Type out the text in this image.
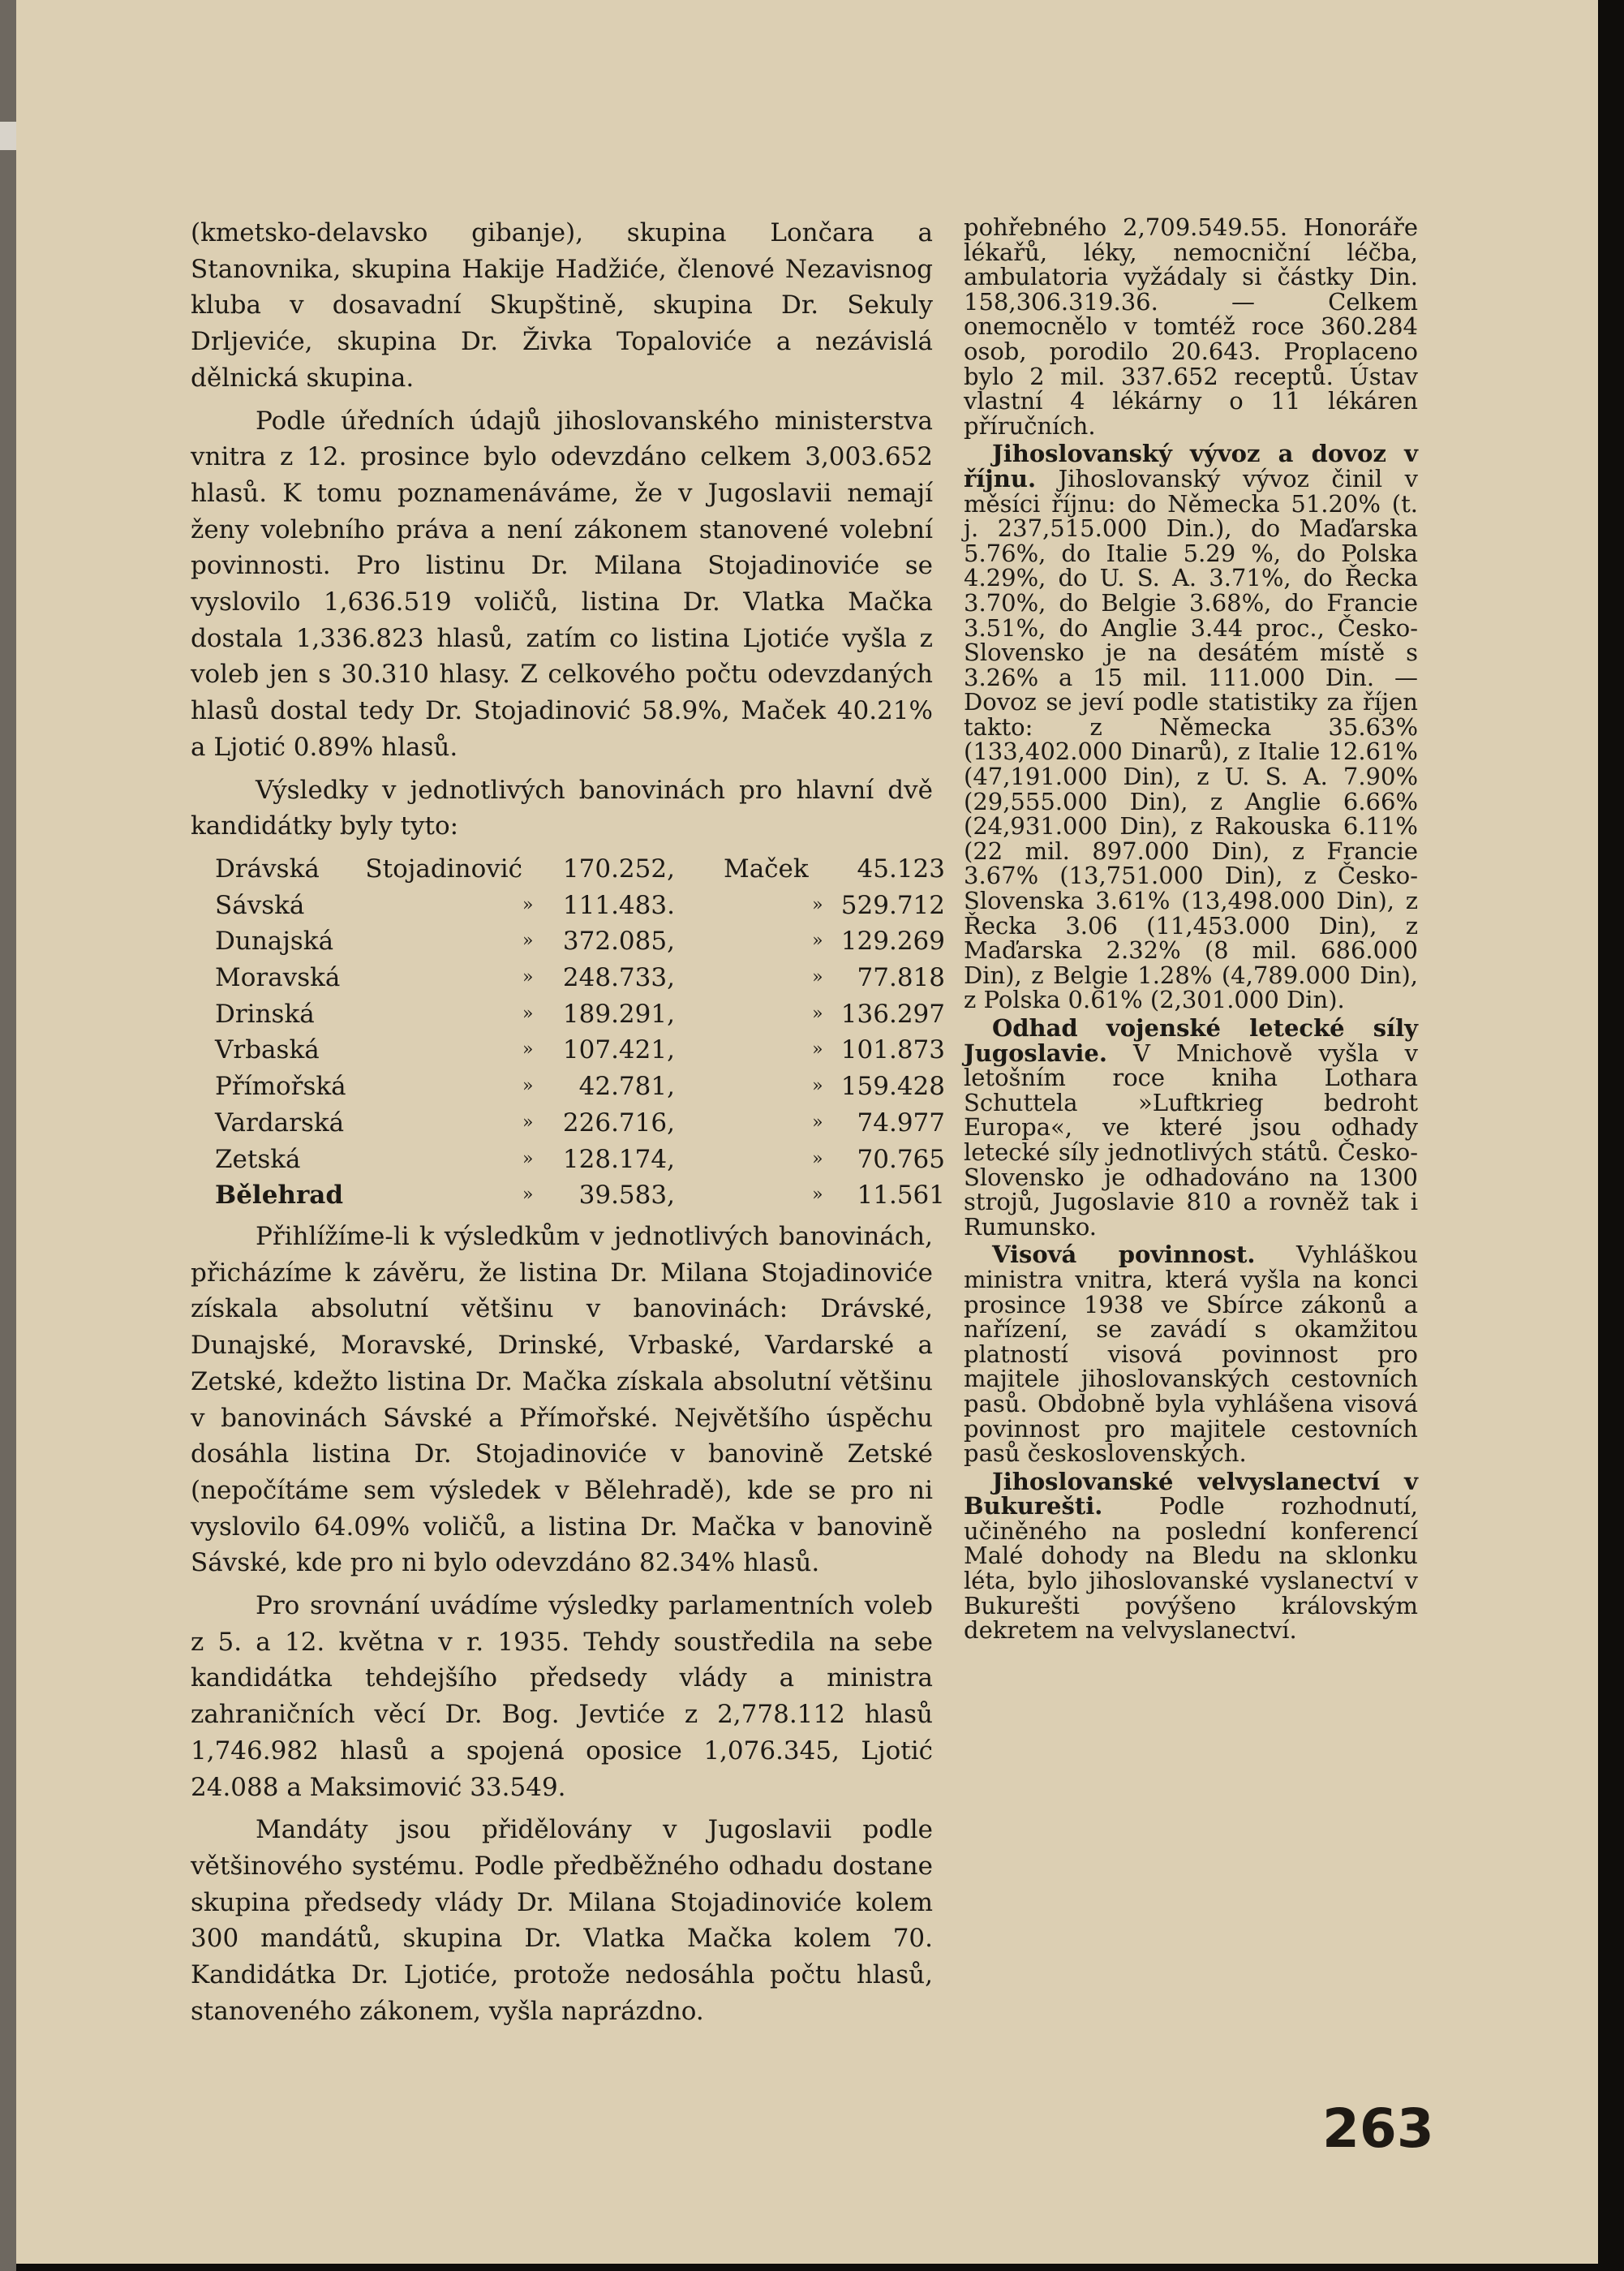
(kmetsko-delavsko gibanje), skupina Lončara a Stanovnika, skupina Hakije Hadžiće, členové Nezavisnog kluba v dosavadní Skupštině, skupina Dr. Sekuly Drljeviće, skupina Dr. Živka Topaloviće a nezávislá dělnická skupina.

Podle úředních údajů jihoslovanského ministerstva vnitra z 12. prosince bylo odevzdáno celkem 3,003.652 hlasů. K tomu poznamenáváme, že v Jugoslavii nemají ženy volebního práva a není zákonem stanovené volební povinnosti. Pro listinu Dr. Milana Stojadinoviće se vyslovilo 1,636.519 voličů, listina Dr. Vlatka Mačka dostala 1,336.823 hlasů, zatím co listina Ljotiće vyšla z voleb jen s 30.310 hlasy. Z celkového počtu odevzdaných hlasů dostal tedy Dr. Stojadinović 58.9%, Maček 40.21% a Ljotić 0.89% hlasů.

Výsledky v jednotlivých banovinách pro hlavní dvě kandidátky byly tyto:

Drávská	Stojadinović		170.252,	Maček		45.123
Sávská		»	111.483.		»	529.712
Dunajská		»	372.085,		»	129.269
Moravská		»	248.733,		»	77.818
Drinská		»	189.291,		»	136.297
Vrbaská		»	107.421,		»	101.873
Přímořská		»	42.781,		»	159.428
Vardarská		»	226.716,		»	74.977
Zetská		»	128.174,		»	70.765
Bělehrad		»	39.583,		»	11.561

Přihlížíme-li k výsledkům v jednotlivých banovinách, přicházíme k závěru, že listina Dr. Milana Stojadinoviće získala absolutní většinu v banovinách: Drávské, Dunajské, Moravské, Drinské, Vrbaské, Vardarské a Zetské, kdežto listina Dr. Mačka získala absolutní většinu v banovinách Sávské a Přímořské. Největšího úspěchu dosáhla listina Dr. Stojadinoviće v banovině Zetské (nepočítáme sem výsledek v Bělehradě), kde se pro ni vyslovilo 64.09% voličů, a listina Dr. Mačka v banovině Sávské, kde pro ni bylo odevzdáno 82.34% hlasů.

Pro srovnání uvádíme výsledky parlamentních voleb z 5. a 12. května v r. 1935. Tehdy soustředila na sebe kandidátka tehdejšího předsedy vlády a ministra zahraničních věcí Dr. Bog. Jevtiće z 2,778.112 hlasů 1,746.982 hlasů a spojená oposice 1,076.345, Ljotić 24.088 a Maksimović 33.549.

Mandáty jsou přidělovány v Jugoslavii podle většinového systému. Podle předběžného odhadu dostane skupina předsedy vlády Dr. Milana Stojadinoviće kolem 300 mandátů, skupina Dr. Vlatka Mačka kolem 70. Kandidátka Dr. Ljotiće, protože nedosáhla počtu hlasů, stanoveného zákonem, vyšla naprázdno.

pohřebného 2,709.549.55. Honoráře lékařů, léky, nemocniční léčba, ambulatoria vyžádaly si částky Din. 158,306.319.36. — Celkem onemocnělo v tomtéž roce 360.284 osob, porodilo 20.643. Proplaceno bylo 2 mil. 337.652 receptů. Ústav vlastní 4 lékárny o 11 lékáren příručních.

Jihoslovanský vývoz a dovoz v říjnu. Jihoslovanský vývoz činil v měsíci říjnu: do Německa 51.20% (t. j. 237,515.000 Din.), do Maďarska 5.76%, do Italie 5.29 %, do Polska 4.29%, do U. S. A. 3.71%, do Řecka 3.70%, do Belgie 3.68%, do Francie 3.51%, do Anglie 3.44 proc., Česko-Slovensko je na desátém místě s 3.26% a 15 mil. 111.000 Din. — Dovoz se jeví podle statistiky za říjen takto: z Německa 35.63% (133,402.000 Dinarů), z Italie 12.61% (47,191.000 Din), z U. S. A. 7.90% (29,555.000 Din), z Anglie 6.66% (24,931.000 Din), z Rakouska 6.11% (22 mil. 897.000 Din), z Francie 3.67% (13,751.000 Din), z Česko-Slovenska 3.61% (13,498.000 Din), z Řecka 3.06 (11,453.000 Din), z Maďarska 2.32% (8 mil. 686.000 Din), z Belgie 1.28% (4,789.000 Din), z Polska 0.61% (2,301.000 Din).

Odhad vojenské letecké síly Jugoslavie. V Mnichově vyšla v letošním roce kniha Lothara Schuttela »Luftkrieg bedroht Europa«, ve které jsou odhady letecké síly jednotlivých států. Česko-Slovensko je odhadováno na 1300 strojů, Jugoslavie 810 a rovněž tak i Rumunsko.

Visová povinnost. Vyhláškou ministra vnitra, která vyšla na konci prosince 1938 ve Sbírce zákonů a nařízení, se zavádí s okamžitou platností visová povinnost pro majitele jihoslovanských cestovních pasů. Obdobně byla vyhlášena visová povinnost pro majitele cestovních pasů československých.

Jihoslovanské velvyslanectví v Bukurešti. Podle rozhodnutí, učiněného na poslední konferencí Malé dohody na Bledu na sklonku léta, bylo jihoslovanské vyslanectví v Bukurešti povýšeno královským dekretem na velvyslanectví.

263
